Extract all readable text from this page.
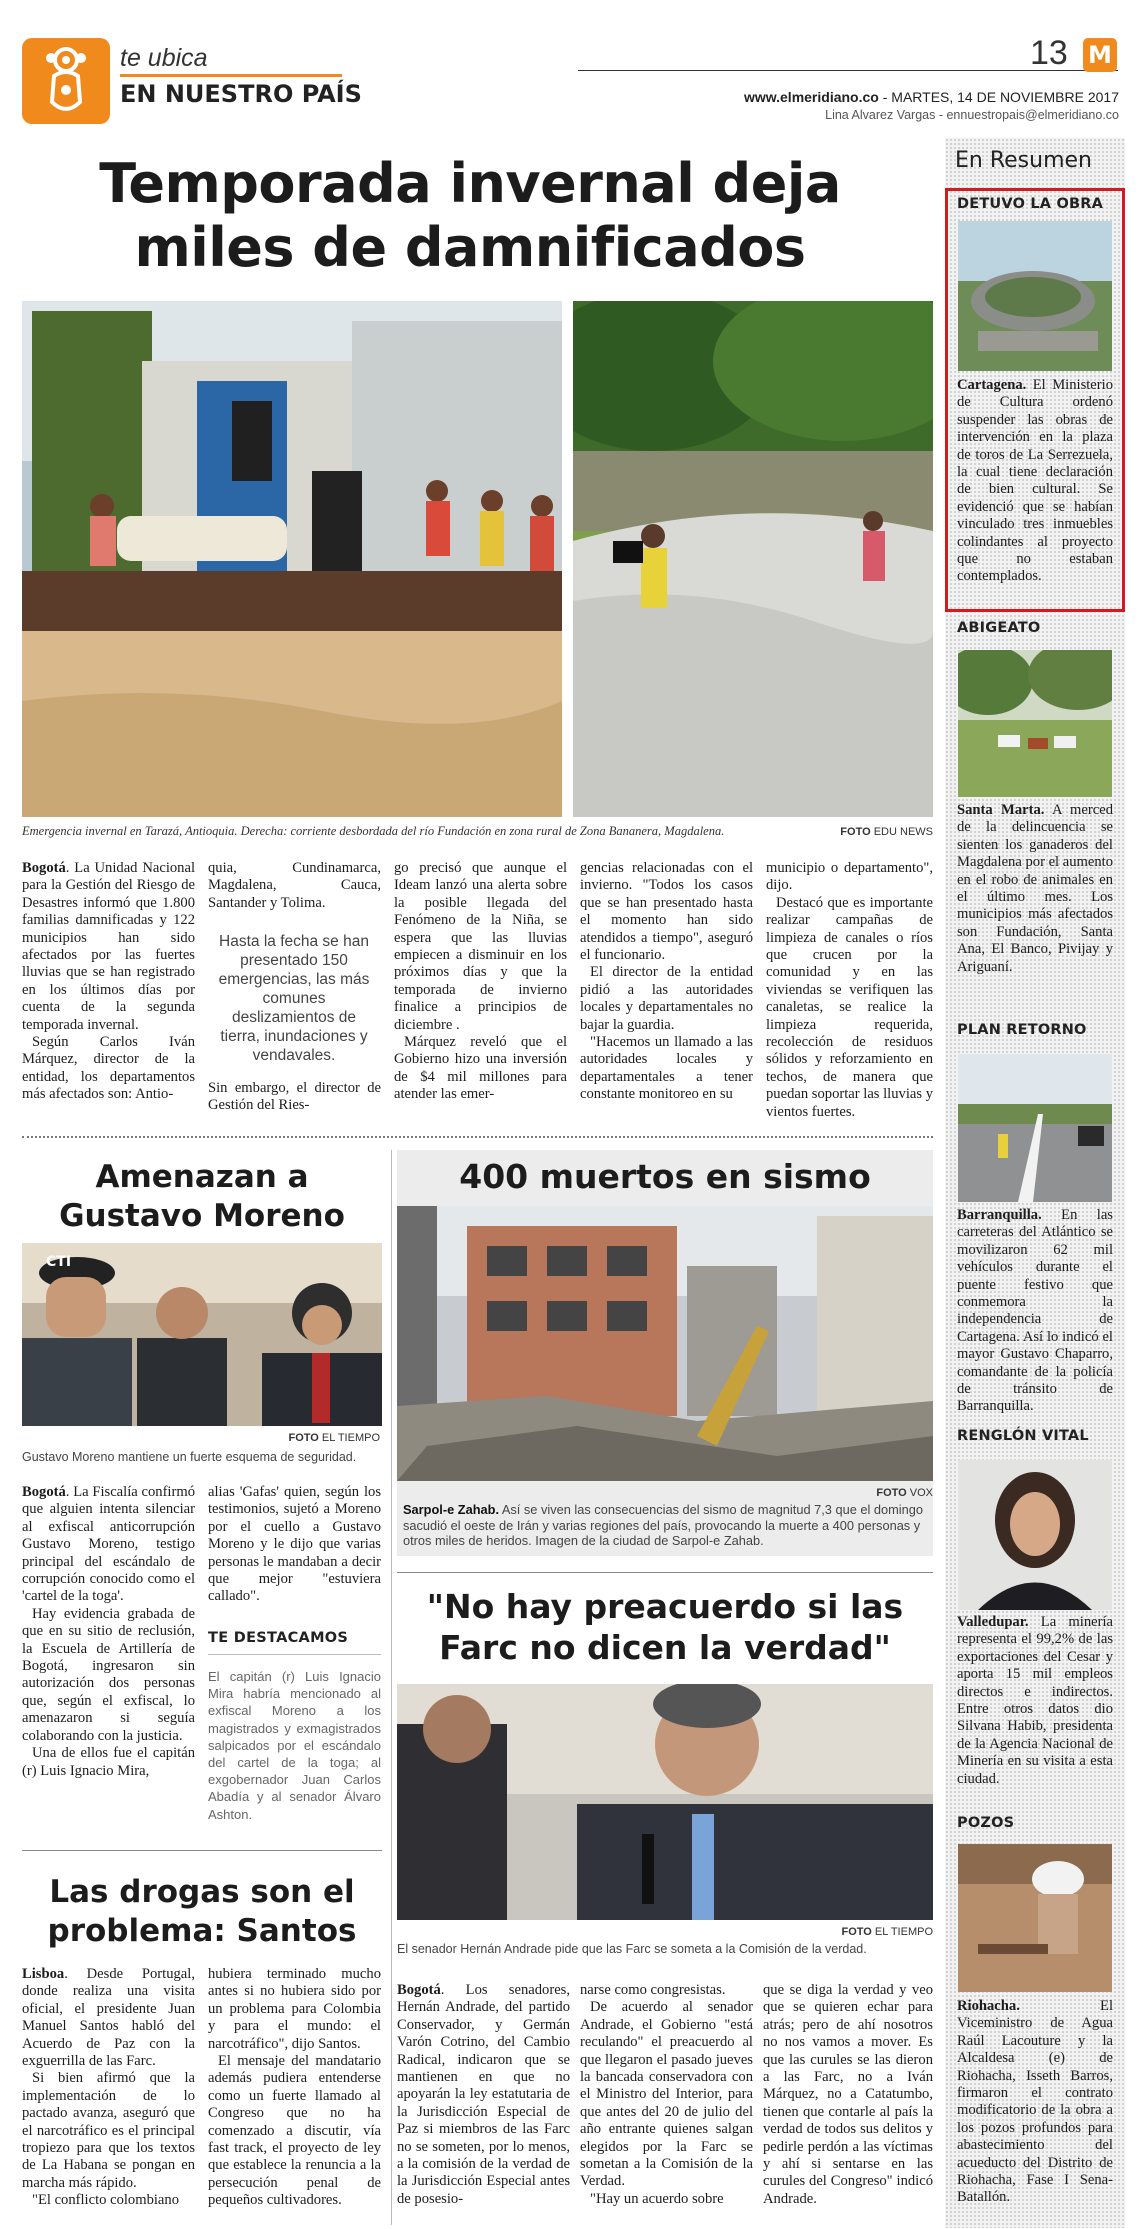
te ubica
EN NUESTRO PAÍS
13 M
www.elmeridiano.co - MARTES, 14 DE NOVIEMBRE 2017
Lina Alvarez Vargas - ennuestropais@elmeridiano.co
Temporada invernal deja miles de damnificados
Emergencia invernal en Tarazá, Antioquia. Derecha: corriente desbordada del río Fundación en zona rural de Zona Bananera, Magdalena.	FOTO EDU NEWS

Bogotá. La Unidad Nacional para la Gestión del Riesgo de Desastres informó que 1.800 familias damnificadas y 122 municipios han sido afectados por las fuertes lluvias que se han registrado en los últimos días por cuenta de la segunda temporada invernal.

Según Carlos Iván Márquez, director de la entidad, los departamentos más afectados son: Antio-

quia, Cundinamarca, Magdalena, Cauca, Santander y Tolima.
Hasta la fecha se han presentado 150 emergencias, las más comunes deslizamientos de tierra, inundaciones y vendavales.

Sin embargo, el director de Gestión del Ries-

go precisó que aunque el Ideam lanzó una alerta sobre la posible llegada del Fenómeno de la Niña, se espera que las lluvias empiecen a disminuir en los próximos días y que la temporada de invierno finalice a principios de diciembre .

Márquez reveló que el Gobierno hizo una inversión de $4 mil millones para atender las emer-

gencias relacionadas con el invierno. "Todos los casos que se han presentado hasta el momento han sido atendidos a tiempo", aseguró el funcionario.

El director de la entidad pidió a las autoridades locales y departamentales no bajar la guardia.

"Hacemos un llamado a las autoridades locales y departamentales a tener constante monitoreo en su

municipio o departamento", dijo.

Destacó que es importante realizar campañas de limpieza de canales o ríos que crucen por la comunidad y en las viviendas se verifiquen las canaletas, se realice la limpieza requerida, recolección de residuos sólidos y reforzamiento en techos, de manera que puedan soportar las lluvias y vientos fuertes.

Amenazan a Gustavo Moreno
CTI
FOTO EL TIEMPO
Gustavo Moreno mantiene un fuerte esquema de seguridad.

Bogotá. La Fiscalía confirmó que alguien intenta silenciar al exfiscal anticorrupción Gustavo Moreno, testigo principal del escándalo de corrupción conocido como el 'cartel de la toga'.

Hay evidencia grabada de que en su sitio de reclusión, la Escuela de Artillería de Bogotá, ingresaron sin autorización dos personas que, según el exfiscal, lo amenazaron si seguía colaborando con la justicia.

Una de ellos fue el capitán (r) Luis Ignacio Mira,

alias 'Gafas' quien, según los testimonios, sujetó a Moreno por el cuello a Gustavo Moreno y le dijo que varias personas le mandaban a decir que mejor "estuviera callado".
TE DESTACAMOS
El capitán (r) Luis Ignacio Mira habría mencionado al exfiscal Moreno a los magistrados y exmagistrados salpicados por el escándalo del cartel de la toga; al exgobernador Juan Carlos Abadía y al senador Álvaro Ashton.
Las drogas son el problema: Santos

Lisboa. Desde Portugal, donde realiza una visita oficial, el presidente Juan Manuel Santos habló del Acuerdo de Paz con la exguerrilla de las Farc.

Si bien afirmó que la implementación de lo pactado avanza, aseguró que el narcotráfico es el principal tropiezo para que los textos de La Habana se pongan en marcha más rápido.

"El conflicto colombiano

hubiera terminado mucho antes si no hubiera sido por un problema para Colombia y para el mundo: el narcotráfico", dijo Santos.

El mensaje del mandatario además pudiera entenderse como un fuerte llamado al Congreso que no ha comenzado a discutir, vía fast track, el proyecto de ley que establece la renuncia a la persecución penal de pequeños cultivadores.

400 muertos en sismo
FOTO VOX
Sarpol-e Zahab. Así se viven las consecuencias del sismo de magnitud 7,3 que el domingo sacudió el oeste de Irán y varias regiones del país, provocando la muerte a 400 personas y otros miles de heridos. Imagen de la ciudad de Sarpol-e Zahab.
"No hay preacuerdo si las Farc no dicen la verdad"
FOTO EL TIEMPO
El senador Hernán Andrade pide que las Farc se someta a la Comisión de la verdad.

Bogotá. Los senadores, Hernán Andrade, del partido Conservador, y Germán Varón Cotrino, del Cambio Radical, indicaron que se mantienen en que no apoyarán la ley estatutaria de la Jurisdicción Especial de Paz si miembros de las Farc no se someten, por lo menos, a la comisión de la verdad de la Jurisdicción Especial antes de posesio-

narse como congresistas.

De acuerdo al senador Andrade, el Gobierno "está reculando" el preacuerdo al que llegaron el pasado jueves la bancada conservadora con el Ministro del Interior, para que antes del 20 de julio del año entrante quienes salgan elegidos por la Farc se sometan a la Comisión de la Verdad.

"Hay un acuerdo sobre

que se diga la verdad y veo que se quieren echar para atrás; pero de ahí nosotros no nos vamos a mover. Es que las curules se las dieron a las Farc, no a Iván Márquez, no a Catatumbo, tienen que contarle al país la verdad de todos sus delitos y pedirle perdón a las víctimas y ahí si sentarse en las curules del Congreso" indicó Andrade.

En Resumen
DETUVO LA OBRA
Cartagena. El Ministerio de Cultura ordenó suspender las obras de intervención en la plaza de toros de La Serrezuela, la cual tiene declaración de bien cultural. Se evidenció que se habían vinculado tres inmuebles colindantes al proyecto que no estaban contemplados.
ABIGEATO
Santa Marta. A merced de la delincuencia se sienten los ganaderos del Magdalena por el aumento en el robo de animales en el último mes. Los municipios más afectados son Fundación, Santa Ana, El Banco, Pivijay y Ariguaní.
PLAN RETORNO
Barranquilla. En las carreteras del Atlántico se movilizaron 62 mil vehículos durante el puente festivo que conmemora la independencia de Cartagena. Así lo indicó el mayor Gustavo Chaparro, comandante de la policía de tránsito de Barranquilla.
RENGLÓN VITAL
Valledupar. La minería representa el 99,2% de las exportaciones del Cesar y aporta 15 mil empleos directos e indirectos. Entre otros datos dio Silvana Habib, presidenta de la Agencia Nacional de Minería en su visita a esta ciudad.
POZOS
Riohacha. El Viceministro de Agua Raúl Lacouture y la Alcaldesa (e) de Riohacha, Isseth Barros, firmaron el contrato modificatorio de la obra a los pozos profundos para abastecimiento del acueducto del Distrito de Riohacha, Fase I Sena-Batallón.
